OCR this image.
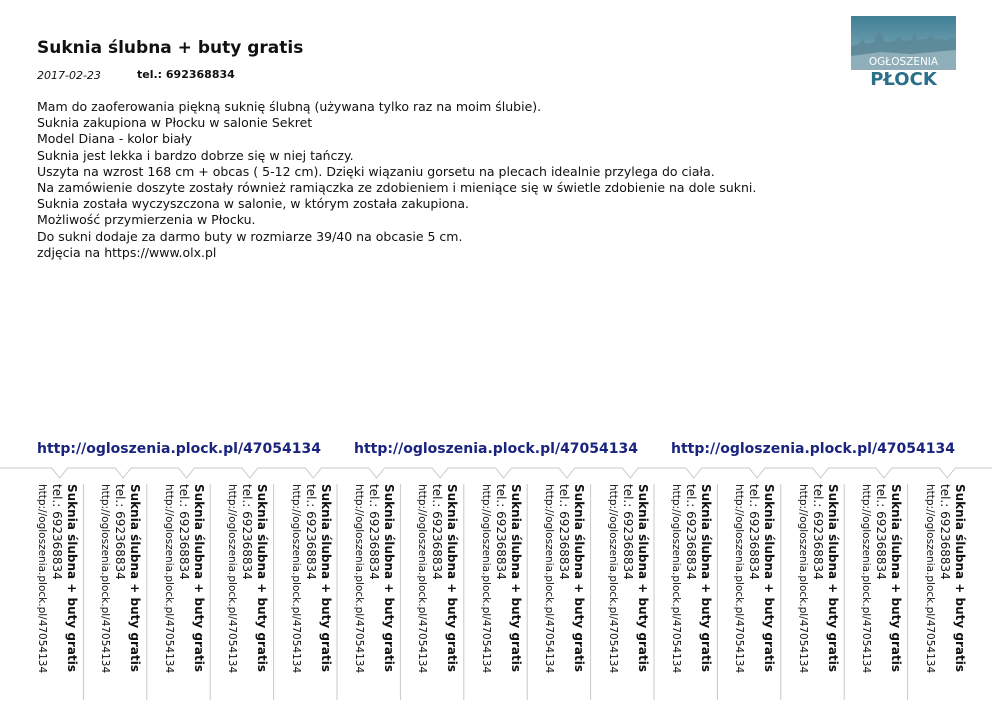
Suknia ślubna + buty gratis
2017-02-23	tel.: 692368834
OGŁOSZENIA
PŁOCK
Mam do zaoferowania piękną suknię ślubną (używana tylko raz na moim ślubie).
Suknia zakupiona w Płocku w salonie Sekret
Model Diana - kolor biały
Suknia jest lekka i bardzo dobrze się w niej tańczy.
Uszyta na wzrost 168 cm + obcas ( 5-12 cm). Dzięki wiązaniu gorsetu na plecach idealnie przylega do ciała.
Na zamówienie doszyte zostały również ramiączka ze zdobieniem i mieniące się w świetle zdobienie na dole sukni.
Suknia została wyczyszczona w salonie, w którym została zakupiona.
Możliwość przymierzenia w Płocku.
Do sukni dodaje za darmo buty w rozmiarze 39/40 na obcasie 5 cm.
zdjęcia na https://www.olx.pl
http://ogloszenia.plock.pl/47054134 http://ogloszenia.plock.pl/47054134 http://ogloszenia.plock.pl/47054134
Suknia ślubna + buty gratis
tel.: 692368834
http://ogloszenia.plock.pl/47054134	Suknia ślubna + buty gratis
tel.: 692368834
http://ogloszenia.plock.pl/47054134	Suknia ślubna + buty gratis
tel.: 692368834
http://ogloszenia.plock.pl/47054134	Suknia ślubna + buty gratis
tel.: 692368834
http://ogloszenia.plock.pl/47054134	Suknia ślubna + buty gratis
tel.: 692368834
http://ogloszenia.plock.pl/47054134	Suknia ślubna + buty gratis
tel.: 692368834
http://ogloszenia.plock.pl/47054134	Suknia ślubna + buty gratis
tel.: 692368834
http://ogloszenia.plock.pl/47054134	Suknia ślubna + buty gratis
tel.: 692368834
http://ogloszenia.plock.pl/47054134	Suknia ślubna + buty gratis
tel.: 692368834
http://ogloszenia.plock.pl/47054134	Suknia ślubna + buty gratis
tel.: 692368834
http://ogloszenia.plock.pl/47054134	Suknia ślubna + buty gratis
tel.: 692368834
http://ogloszenia.plock.pl/47054134	Suknia ślubna + buty gratis
tel.: 692368834
http://ogloszenia.plock.pl/47054134	Suknia ślubna + buty gratis
tel.: 692368834
http://ogloszenia.plock.pl/47054134	Suknia ślubna + buty gratis
tel.: 692368834
http://ogloszenia.plock.pl/47054134	Suknia ślubna + buty gratis
tel.: 692368834
http://ogloszenia.plock.pl/47054134
